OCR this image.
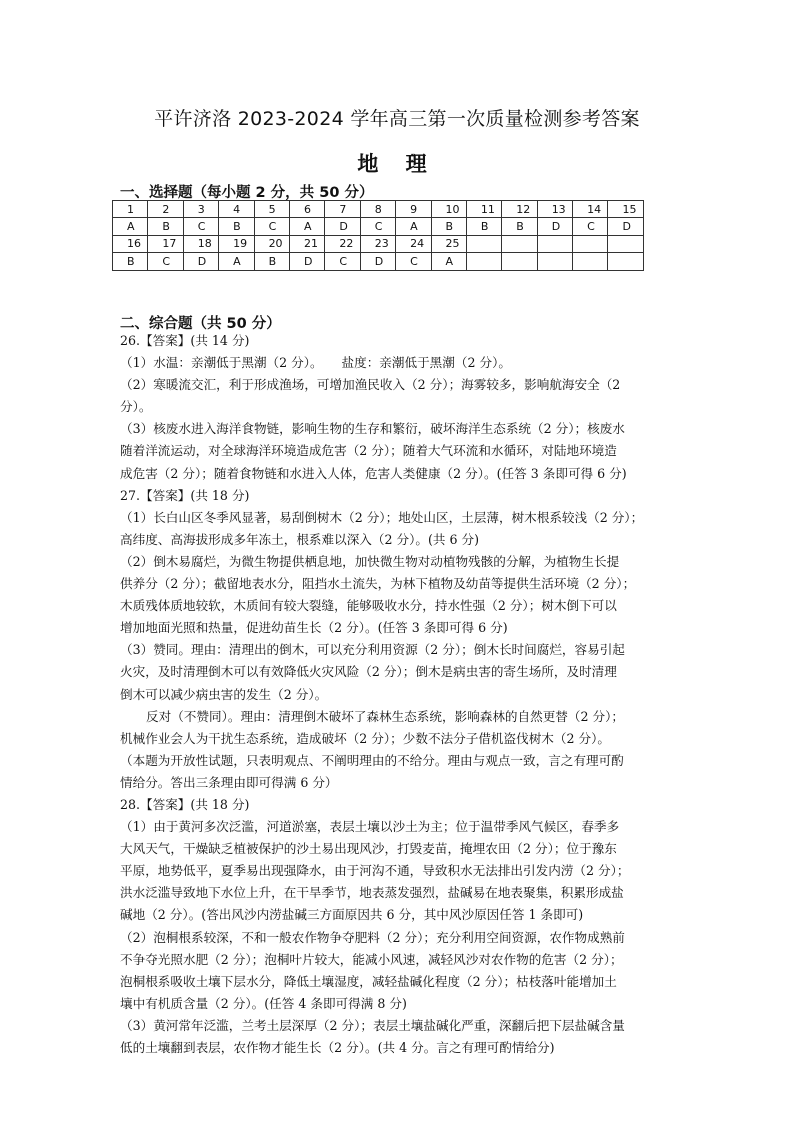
平许济洛 2023-2024 学年高三第一次质量检测参考答案
地 理
一、选择题（每小题 2 分，共 50 分）
1	2	3	4	5	6	7	8	9	10	11	12	13	14	15
A	B	C	B	C	A	D	C	A	B	B	B	D	C	D
16	17	18	19	20	21	22	23	24	25					
B	C	D	A	B	D	C	D	C	A					
二、综合题（共 50 分）
26.【答案】(共 14 分)
（1）水温：亲潮低于黑潮（2 分）。　　盐度：亲潮低于黑潮（2 分）。
（2）寒暖流交汇，利于形成渔场，可增加渔民收入（2 分）；海雾较多，影响航海安全（2
分）。
（3）核废水进入海洋食物链，影响生物的生存和繁衍，破坏海洋生态系统（2 分）；核废水
随着洋流运动，对全球海洋环境造成危害（2 分）；随着大气环流和水循环，对陆地环境造
成危害（2 分）；随着食物链和水进入人体，危害人类健康（2 分）。(任答 3 条即可得 6 分)
27.【答案】(共 18 分)
（1）长白山区冬季风显著，易刮倒树木（2 分）；地处山区，土层薄，树木根系较浅（2 分）；
高纬度、高海拔形成多年冻土，根系难以深入（2 分）。(共 6 分)
（2）倒木易腐烂，为微生物提供栖息地，加快微生物对动植物残骸的分解，为植物生长提
供养分（2 分）；截留地表水分，阻挡水土流失，为林下植物及幼苗等提供生活环境（2 分）；
木质残体质地较软，木质间有较大裂缝，能够吸收水分，持水性强（2 分）；树木倒下可以
增加地面光照和热量，促进幼苗生长（2 分）。(任答 3 条即可得 6 分)
（3）赞同。理由：清理出的倒木，可以充分利用资源（2 分）；倒木长时间腐烂，容易引起
火灾，及时清理倒木可以有效降低火灾风险（2 分）；倒木是病虫害的寄生场所，及时清理
倒木可以减少病虫害的发生（2 分）。
反对（不赞同）。理由：清理倒木破坏了森林生态系统，影响森林的自然更替（2 分）；
机械作业会人为干扰生态系统，造成破坏（2 分）；少数不法分子借机盗伐树木（2 分）。
（本题为开放性试题，只表明观点、不阐明理由的不给分。理由与观点一致，言之有理可酌
情给分。答出三条理由即可得满 6 分）
28.【答案】(共 18 分)
（1）由于黄河多次泛滥，河道淤塞，表层土壤以沙土为主；位于温带季风气候区，春季多
大风天气，干燥缺乏植被保护的沙土易出现风沙，打毁麦苗，掩埋农田（2 分）；位于豫东
平原，地势低平，夏季易出现强降水，由于河沟不通，导致积水无法排出引发内涝（2 分）；
洪水泛滥导致地下水位上升，在干旱季节，地表蒸发强烈，盐碱易在地表聚集，积累形成盐
碱地（2 分）。(答出风沙内涝盐碱三方面原因共 6 分，其中风沙原因任答 1 条即可)
（2）泡桐根系较深，不和一般农作物争夺肥料（2 分）；充分利用空间资源，农作物成熟前
不争夺光照水肥（2 分）；泡桐叶片较大，能减小风速，减轻风沙对农作物的危害（2 分）；
泡桐根系吸收土壤下层水分，降低土壤湿度，减轻盐碱化程度（2 分）；枯枝落叶能增加土
壤中有机质含量（2 分）。(任答 4 条即可得满 8 分)
（3）黄河常年泛滥，兰考土层深厚（2 分）；表层土壤盐碱化严重，深翻后把下层盐碱含量
低的土壤翻到表层，农作物才能生长（2 分）。(共 4 分。言之有理可酌情给分)
